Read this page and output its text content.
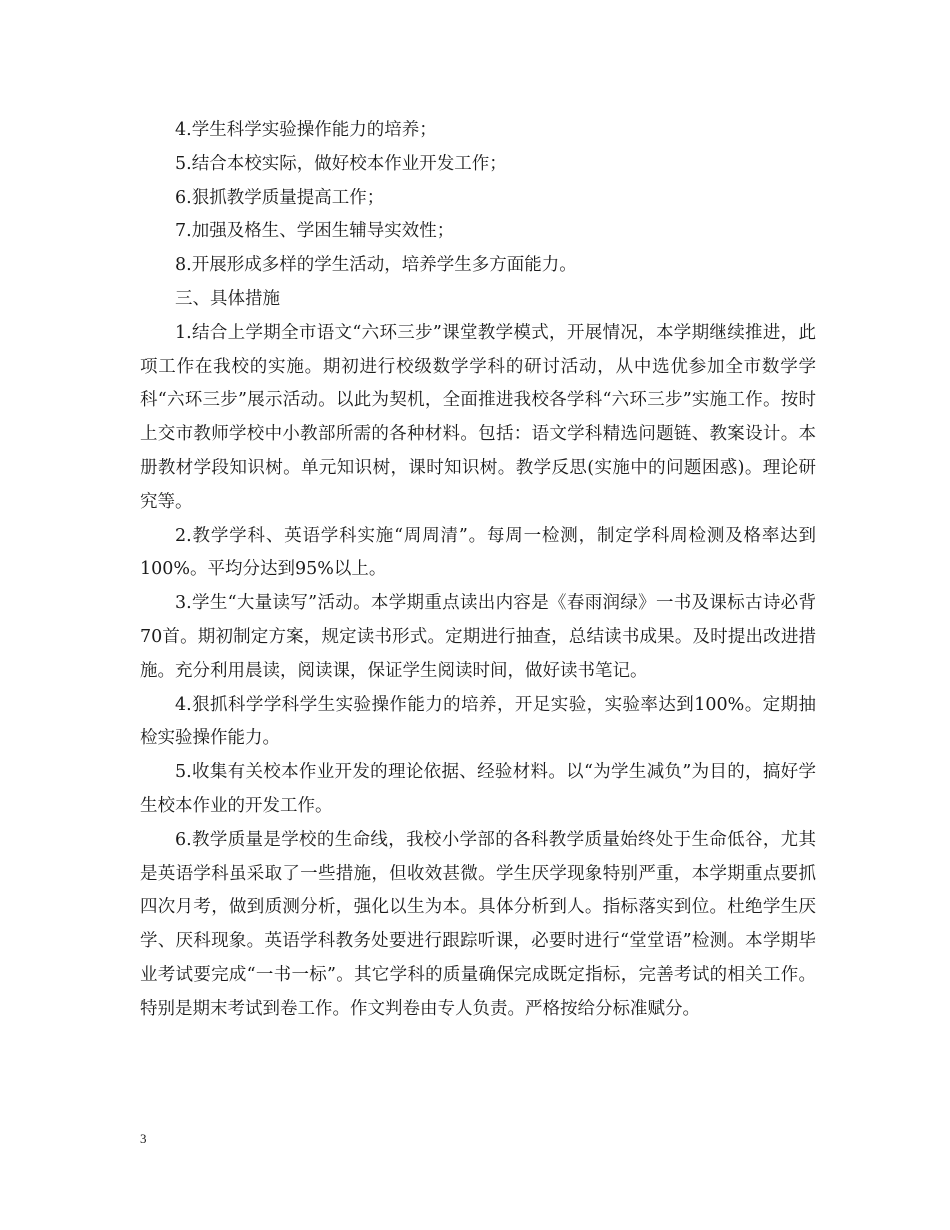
4.学生科学实验操作能力的培养；

5.结合本校实际，做好校本作业开发工作；

6.狠抓教学质量提高工作；

7.加强及格生、学困生辅导实效性；

8.开展形成多样的学生活动，培养学生多方面能力。

三、具体措施

1.结合上学期全市语文“六环三步”课堂教学模式，开展情况，本学期继续推进，此项工作在我校的实施。期初进行校级数学学科的研讨活动，从中选优参加全市数学学科“六环三步”展示活动。以此为契机，全面推进我校各学科“六环三步”实施工作。按时上交市教师学校中小教部所需的各种材料。包括：语文学科精选问题链、教案设计。本册教材学段知识树。单元知识树，课时知识树。教学反思(实施中的问题困惑)。理论研究等。

2.教学学科、英语学科实施“周周清”。每周一检测，制定学科周检测及格率达到100%。平均分达到95%以上。

3.学生“大量读写”活动。本学期重点读出内容是《春雨润绿》一书及课标古诗必背70首。期初制定方案，规定读书形式。定期进行抽查，总结读书成果。及时提出改进措施。充分利用晨读，阅读课，保证学生阅读时间，做好读书笔记。

4.狠抓科学学科学生实验操作能力的培养，开足实验，实验率达到100%。定期抽检实验操作能力。

5.收集有关校本作业开发的理论依据、经验材料。以“为学生减负”为目的，搞好学生校本作业的开发工作。

6.教学质量是学校的生命线，我校小学部的各科教学质量始终处于生命低谷，尤其是英语学科虽采取了一些措施，但收效甚微。学生厌学现象特别严重，本学期重点要抓四次月考，做到质测分析，强化以生为本。具体分析到人。指标落实到位。杜绝学生厌学、厌科现象。英语学科教务处要进行跟踪听课，必要时进行“堂堂语”检测。本学期毕业考试要完成“一书一标”。其它学科的质量确保完成既定指标，完善考试的相关工作。特别是期末考试到卷工作。作文判卷由专人负责。严格按给分标准赋分。

3
